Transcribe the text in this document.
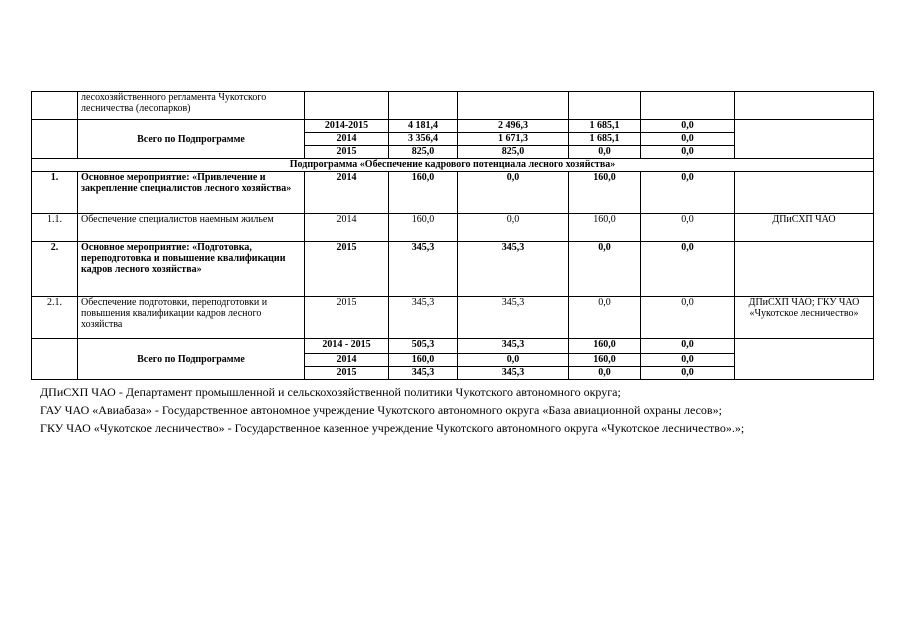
	лесохозяйственного регламента Чукотского лесничества (лесопарков)						
	Всего по Подпрограмме	2014-2015	4 181,4	2 496,3	1 685,1	0,0	
		2014	3 356,4	1 671,3	1 685,1	0,0	
		2015	825,0	825,0	0,0	0,0	
Подпрограмма «Обеспечение кадрового потенциала лесного хозяйства»							
1.	Основное мероприятие: «Привлечение и закрепление специалистов лесного хозяйства»	2014	160,0	0,0	160,0	0,0	
1.1.	Обеспечение специалистов наемным жильем	2014	160,0	0,0	160,0	0,0	ДПиСХП ЧАО
2.	Основное мероприятие: «Подготовка, переподготовка и повышение квалификации кадров лесного хозяйства»	2015	345,3	345,3	0,0	0,0	
2.1.	Обеспечение подготовки, переподготовки и повышения квалификации кадров лесного хозяйства	2015	345,3	345,3	0,0	0,0	ДПиСХП ЧАО; ГКУ ЧАО «Чукотское лесничество»
	Всего по Подпрограмме	2014 - 2015	505,3	345,3	160,0	0,0	
		2014	160,0	0,0	160,0	0,0	
		2015	345,3	345,3	0,0	0,0	
ДПиСХП ЧАО - Департамент промышленной и сельскохозяйственной политики Чукотского автономного округа;
ГАУ ЧАО «Авиабаза» - Государственное автономное учреждение Чукотского автономного округа «База авиационной охраны лесов»;
ГКУ ЧАО «Чукотское лесничество» - Государственное казенное учреждение Чукотского автономного округа «Чукотское лесничество».»;
